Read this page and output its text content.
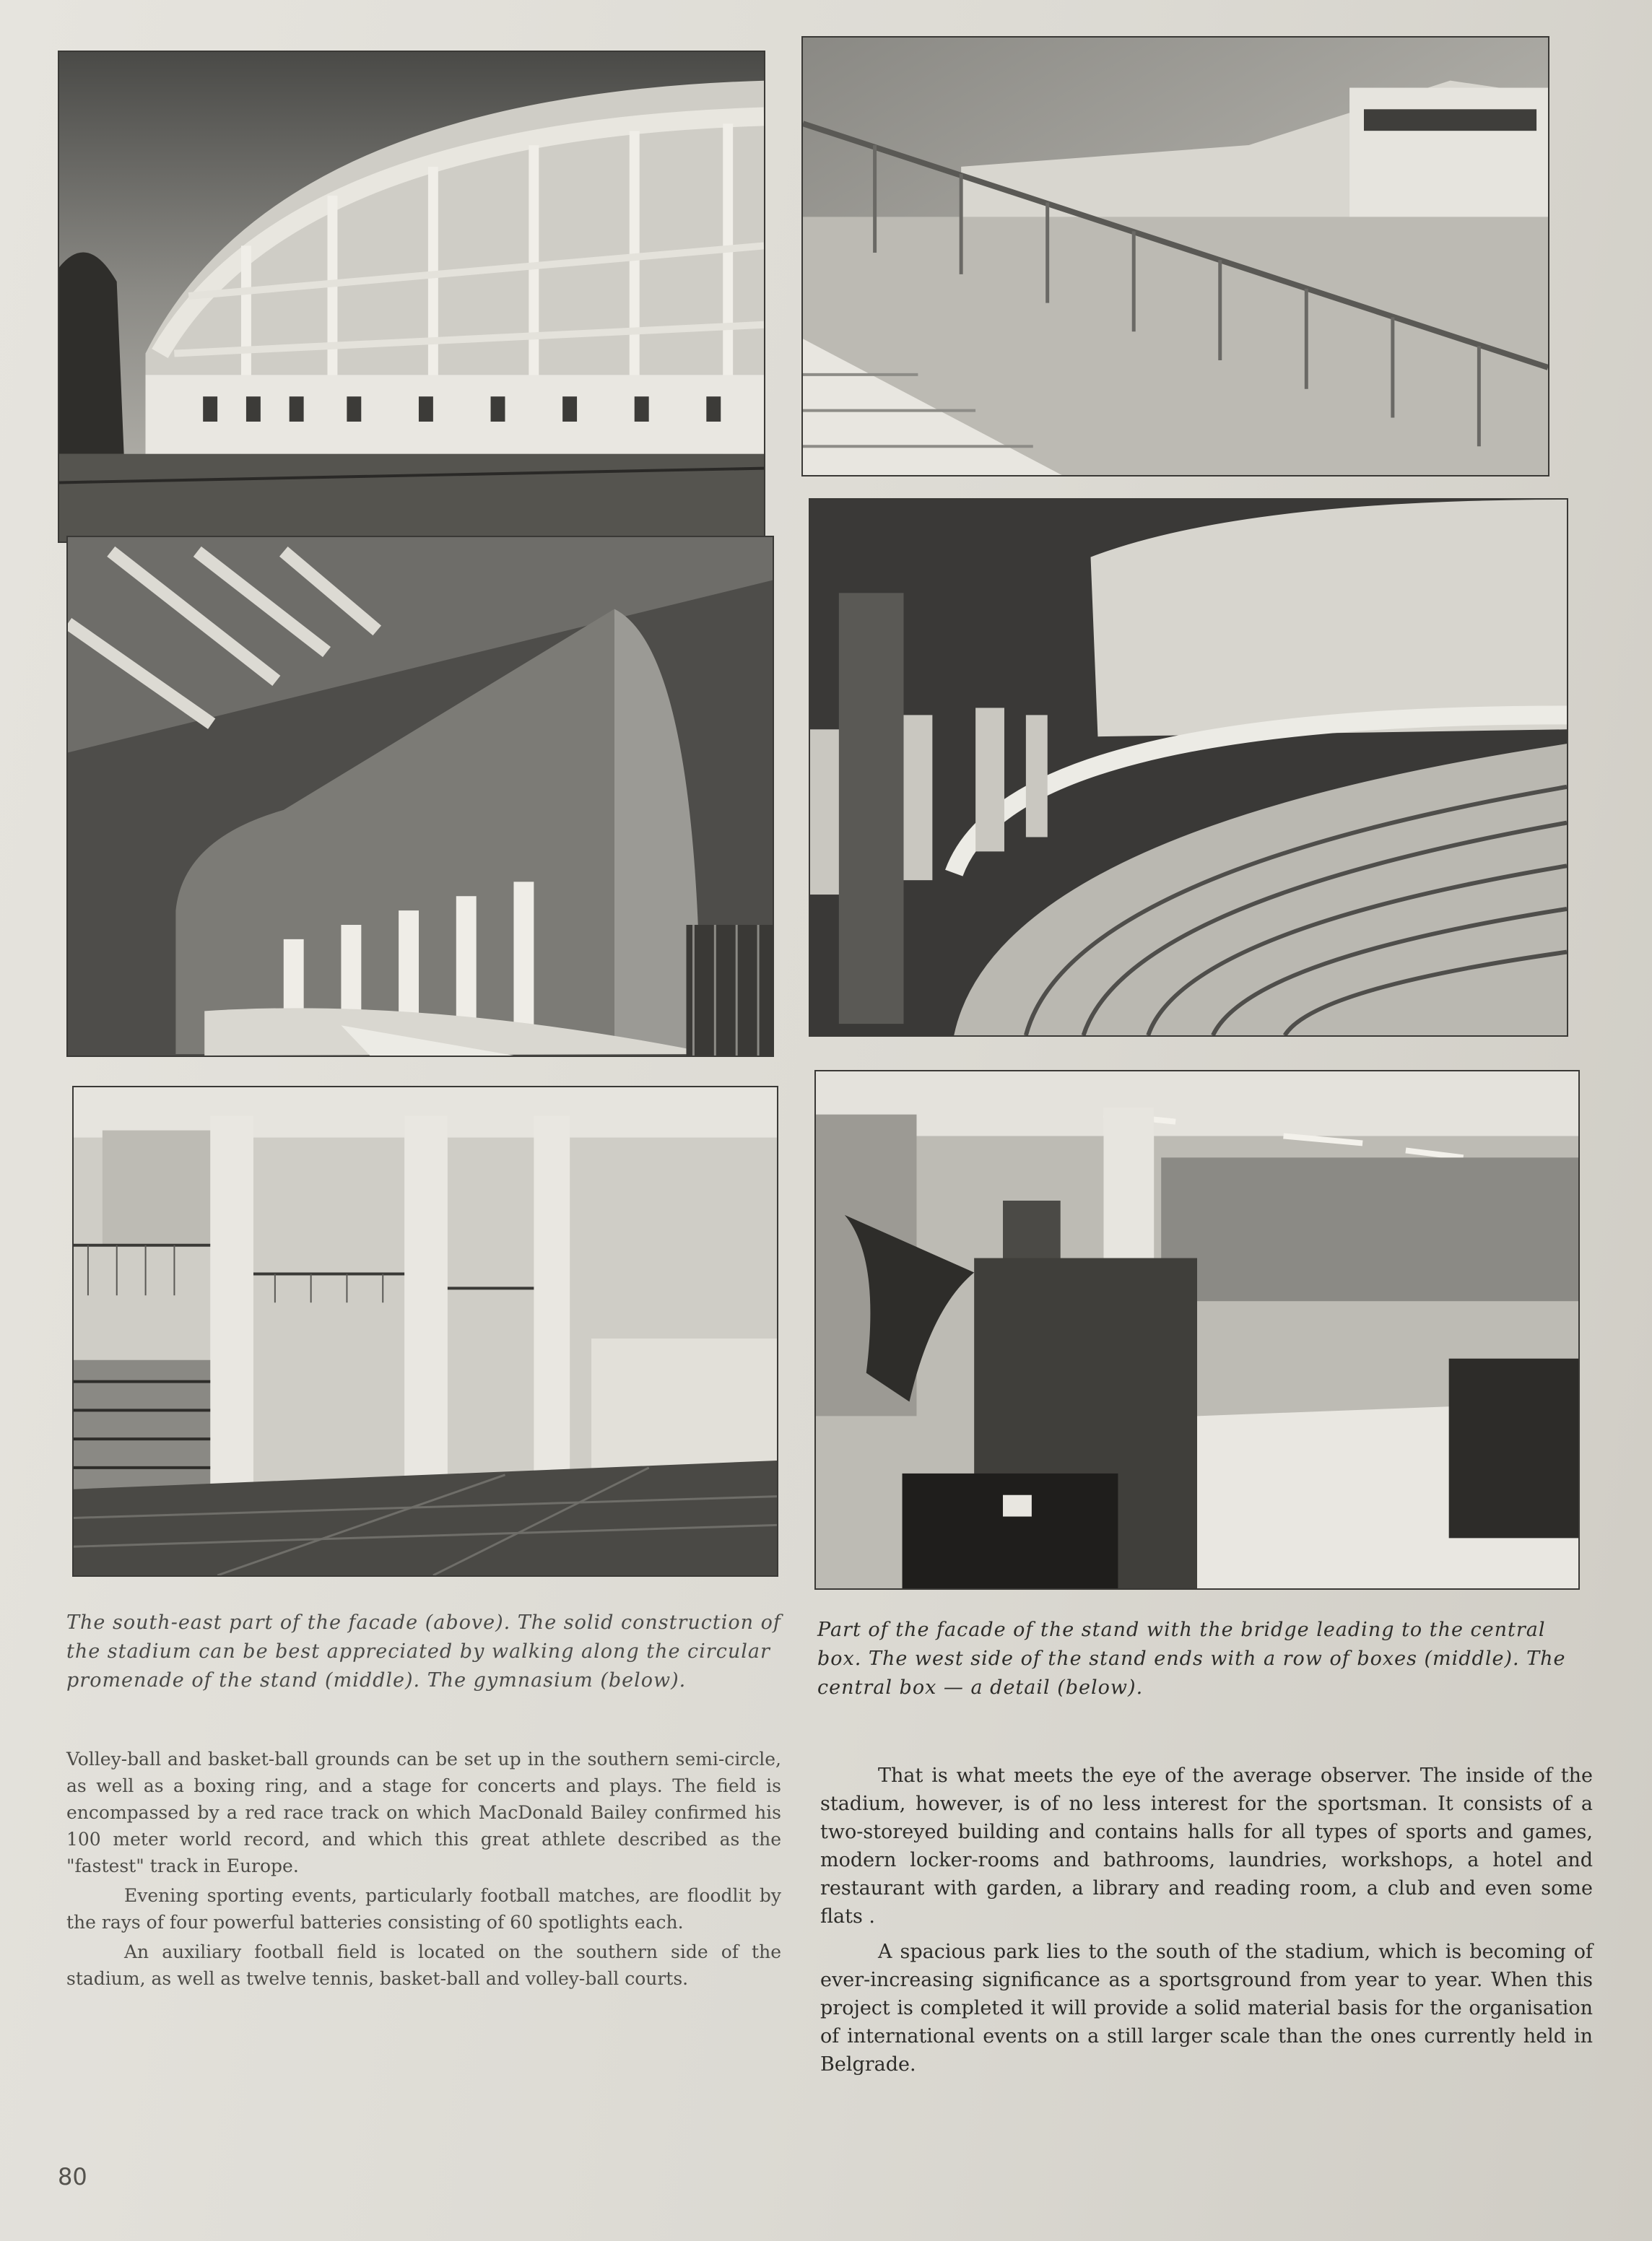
The south-east part of the facade (above). The solid construction of the stadium can be best appreciated by walking along the circular promenade of the stand (middle). The gymnasium (below).
Part of the facade of the stand with the bridge leading to the central box. The west side of the stand ends with a row of boxes (middle). The central box — a detail (below).

Volley-ball and basket-ball grounds can be set up in the southern semi-circle, as well as a boxing ring, and a stage for concerts and plays. The field is encompassed by a red race track on which MacDonald Bailey confirmed his 100 meter world record, and which this great athlete described as the "fastest" track in Europe.

Evening sporting events, particularly football matches, are floodlit by the rays of four powerful batteries consisting of 60 spotlights each.

An auxiliary football field is located on the southern side of the stadium, as well as twelve tennis, basket-ball and volley-ball courts.

That is what meets the eye of the average observer. The inside of the stadium, however, is of no less interest for the sportsman. It consists of a two-storeyed building and contains halls for all types of sports and games, modern locker-rooms and bathrooms, laundries, workshops, a hotel and restaurant with garden, a library and reading room, a club and even some flats .

A spacious park lies to the south of the stadium, which is becoming of ever-increasing significance as a sportsground from year to year. When this project is completed it will provide a solid material basis for the organisation of international events on a still larger scale than the ones currently held in Belgrade.

80
